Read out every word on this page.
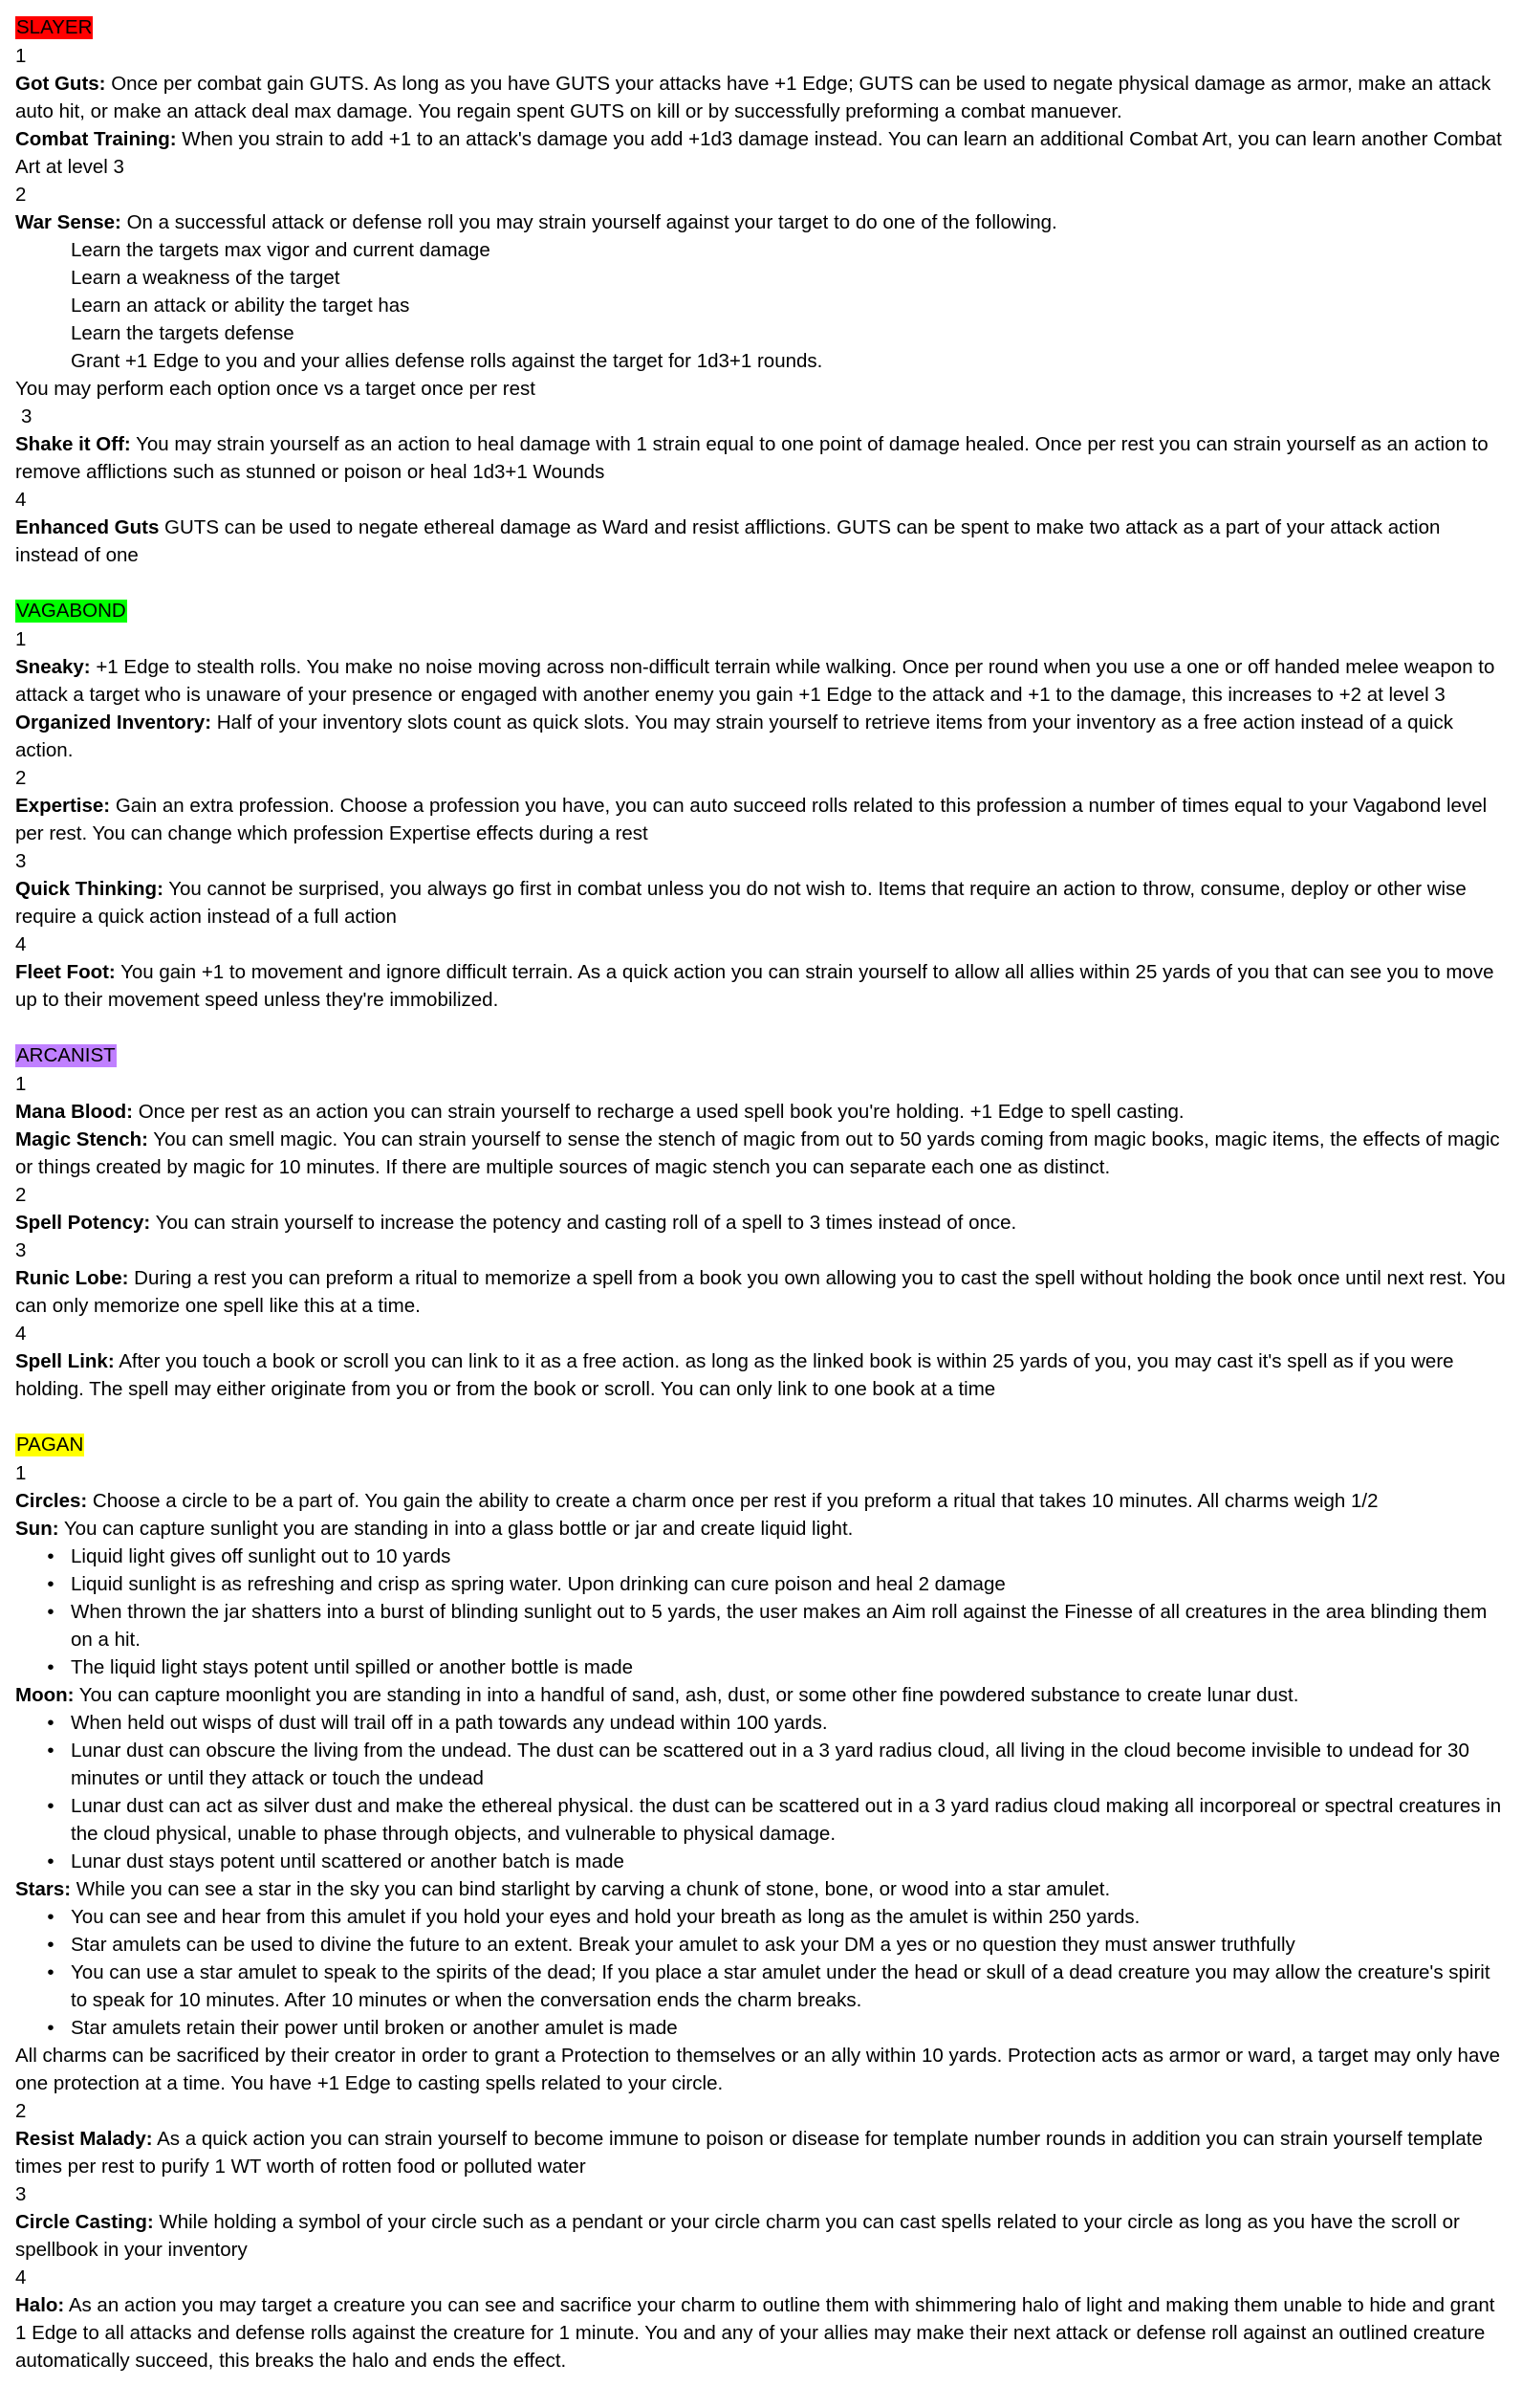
SLAYER
1
Got Guts: Once per combat gain GUTS. As long as you have GUTS your attacks have +1 Edge; GUTS can be used to negate physical damage as armor, make an attack auto hit, or make an attack deal max damage. You regain spent GUTS on kill or by successfully preforming a combat manuever.
Combat Training: When you strain to add +1 to an attack's damage you add +1d3 damage instead. You can learn an additional Combat Art, you can learn another Combat Art at level 3
2
War Sense: On a successful attack or defense roll you may strain yourself against your target to do one of the following.
Learn the targets max vigor and current damage
Learn a weakness of the target
Learn an attack or ability the target has
Learn the targets defense
Grant +1 Edge to you and your allies defense rolls against the target for 1d3+1 rounds.
You may perform each option once vs a target once per rest
3
Shake it Off: You may strain yourself as an action to heal damage with 1 strain equal to one point of damage healed. Once per rest you can strain yourself as an action to remove afflictions such as stunned or poison or heal 1d3+1 Wounds
4
Enhanced Guts GUTS can be used to negate ethereal damage as Ward and resist afflictions. GUTS can be spent to make two attack as a part of your attack action instead of one
VAGABOND
1
Sneaky: +1 Edge to stealth rolls. You make no noise moving across non-difficult terrain while walking. Once per round when you use a one or off handed melee weapon to attack a target who is unaware of your presence or engaged with another enemy you gain +1 Edge to the attack and +1 to the damage, this increases to +2 at level 3
Organized Inventory: Half of your inventory slots count as quick slots. You may strain yourself to retrieve items from your inventory as a free action instead of a quick action.
2
Expertise: Gain an extra profession. Choose a profession you have, you can auto succeed rolls related to this profession a number of times equal to your Vagabond level per rest. You can change which profession Expertise effects during a rest
3
Quick Thinking: You cannot be surprised, you always go first in combat unless you do not wish to. Items that require an action to throw, consume, deploy or other wise require a quick action instead of a full action
4
Fleet Foot: You gain +1 to movement and ignore difficult terrain. As a quick action you can strain yourself to allow all allies within 25 yards of you that can see you to move up to their movement speed unless they're immobilized.
ARCANIST
1
Mana Blood: Once per rest as an action you can strain yourself to recharge a used spell book you're holding. +1 Edge to spell casting.
Magic Stench: You can smell magic. You can strain yourself to sense the stench of magic from out to 50 yards coming from magic books, magic items, the effects of magic or things created by magic for 10 minutes. If there are multiple sources of magic stench you can separate each one as distinct.
2
Spell Potency: You can strain yourself to increase the potency and casting roll of a spell to 3 times instead of once.
3
Runic Lobe: During a rest you can preform a ritual to memorize a spell from a book you own allowing you to cast the spell without holding the book once until next rest. You can only memorize one spell like this at a time.
4
Spell Link: After you touch a book or scroll you can link to it as a free action. as long as the linked book is within 25 yards of you, you may cast it's spell as if you were holding. The spell may either originate from you or from the book or scroll. You can only link to one book at a time
PAGAN
1
Circles: Choose a circle to be a part of. You gain the ability to create a charm once per rest if you preform a ritual that takes 10 minutes. All charms weigh 1/2
Sun: You can capture sunlight you are standing in into a glass bottle or jar and create liquid light.
• Liquid light gives off sunlight out to 10 yards
• Liquid sunlight is as refreshing and crisp as spring water. Upon drinking can cure poison and heal 2 damage
• When thrown the jar shatters into a burst of blinding sunlight out to 5 yards, the user makes an Aim roll against the Finesse of all creatures in the area blinding them on a hit.
• The liquid light stays potent until spilled or another bottle is made
Moon: You can capture moonlight you are standing in into a handful of sand, ash, dust, or some other fine powdered substance to create lunar dust.
• When held out wisps of dust will trail off in a path towards any undead within 100 yards.
• Lunar dust can obscure the living from the undead. The dust can be scattered out in a 3 yard radius cloud, all living in the cloud become invisible to undead for 30 minutes or until they attack or touch the undead
• Lunar dust can act as silver dust and make the ethereal physical. the dust can be scattered out in a 3 yard radius cloud making all incorporeal or spectral creatures in the cloud physical, unable to phase through objects, and vulnerable to physical damage.
• Lunar dust stays potent until scattered or another batch is made
Stars: While you can see a star in the sky you can bind starlight by carving a chunk of stone, bone, or wood into a star amulet.
• You can see and hear from this amulet if you hold your eyes and hold your breath as long as the amulet is within 250 yards.
• Star amulets can be used to divine the future to an extent. Break your amulet to ask your DM a yes or no question they must answer truthfully
• You can use a star amulet to speak to the spirits of the dead; If you place a star amulet under the head or skull of a dead creature you may allow the creature's spirit to speak for 10 minutes. After 10 minutes or when the conversation ends the charm breaks.
• Star amulets retain their power until broken or another amulet is made
All charms can be sacrificed by their creator in order to grant a Protection to themselves or an ally within 10 yards. Protection acts as armor or ward, a target may only have one protection at a time. You have +1 Edge to casting spells related to your circle.
2
Resist Malady: As a quick action you can strain yourself to become immune to poison or disease for template number rounds in addition you can strain yourself template times per rest to purify 1 WT worth of rotten food or polluted water
3
Circle Casting: While holding a symbol of your circle such as a pendant or your circle charm you can cast spells related to your circle as long as you have the scroll or spellbook in your inventory
4
Halo: As an action you may target a creature you can see and sacrifice your charm to outline them with shimmering halo of light and making them unable to hide and grant 1 Edge to all attacks and defense rolls against the creature for 1 minute. You and any of your allies may make their next attack or defense roll against an outlined creature automatically succeed, this breaks the halo and ends the effect.
